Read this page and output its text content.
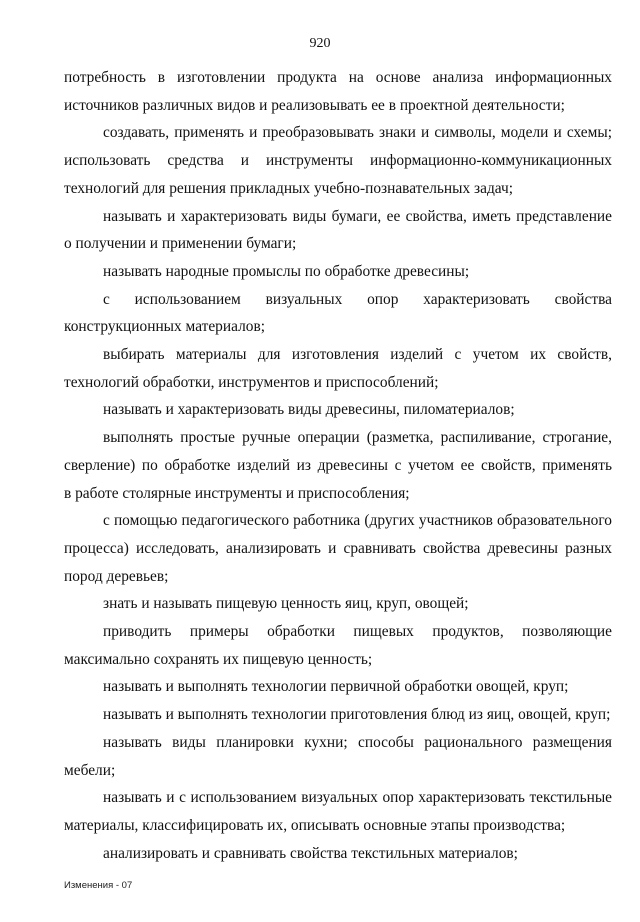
920
потребность в изготовлении продукта на основе анализа информационных
источников различных видов и реализовывать ее в проектной деятельности;
создавать, применять и преобразовывать знаки и символы, модели и схемы;
использовать средства и инструменты информационно-коммуникационных
технологий для решения прикладных учебно-познавательных задач;
называть и характеризовать виды бумаги, ее свойства, иметь представление
о получении и применении бумаги;
называть народные промыслы по обработке древесины;
с использованием визуальных опор характеризовать свойства
конструкционных материалов;
выбирать материалы для изготовления изделий с учетом их свойств,
технологий обработки, инструментов и приспособлений;
называть и характеризовать виды древесины, пиломатериалов;
выполнять простые ручные операции (разметка, распиливание, строгание,
сверление) по обработке изделий из древесины с учетом ее свойств, применять
в работе столярные инструменты и приспособления;
с помощью педагогического работника (других участников образовательного
процесса) исследовать, анализировать и сравнивать свойства древесины разных
пород деревьев;
знать и называть пищевую ценность яиц, круп, овощей;
приводить примеры обработки пищевых продуктов, позволяющие
максимально сохранять их пищевую ценность;
называть и выполнять технологии первичной обработки овощей, круп;
называть и выполнять технологии приготовления блюд из яиц, овощей, круп;
называть виды планировки кухни; способы рационального размещения
мебели;
называть и с использованием визуальных опор характеризовать текстильные
материалы, классифицировать их, описывать основные этапы производства;
анализировать и сравнивать свойства текстильных материалов;
Изменения - 07
